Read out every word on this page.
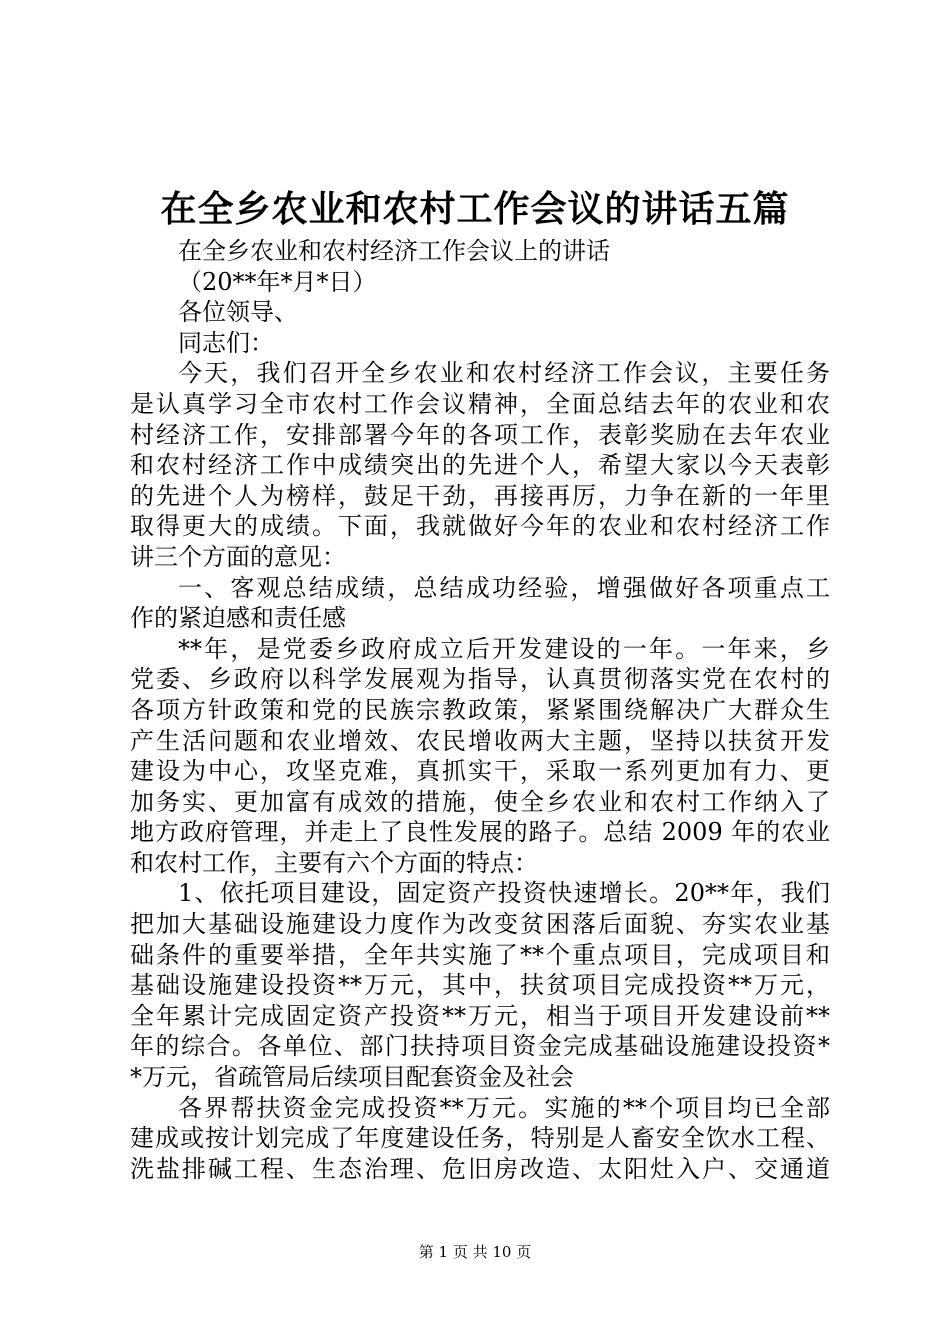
在全乡农业和农村工作会议的讲话五篇
在全乡农业和农村经济工作会议上的讲话
（20**年*月*日）
各位领导、
同志们：
今天，我们召开全乡农业和农村经济工作会议，主要任务
是认真学习全市农村工作会议精神，全面总结去年的农业和农
村经济工作，安排部署今年的各项工作，表彰奖励在去年农业
和农村经济工作中成绩突出的先进个人，希望大家以今天表彰
的先进个人为榜样，鼓足干劲，再接再厉，力争在新的一年里
取得更大的成绩。下面，我就做好今年的农业和农村经济工作
讲三个方面的意见：
一、客观总结成绩，总结成功经验，增强做好各项重点工
作的紧迫感和责任感
**年，是党委乡政府成立后开发建设的一年。一年来，乡
党委、乡政府以科学发展观为指导，认真贯彻落实党在农村的
各项方针政策和党的民族宗教政策，紧紧围绕解决广大群众生
产生活问题和农业增效、农民增收两大主题，坚持以扶贫开发
建设为中心，攻坚克难，真抓实干，采取一系列更加有力、更
加务实、更加富有成效的措施，使全乡农业和农村工作纳入了
地方政府管理，并走上了良性发展的路子。总结 2009 年的农业
和农村工作，主要有六个方面的特点：
1、依托项目建设，固定资产投资快速增长。20**年，我们
把加大基础设施建设力度作为改变贫困落后面貌、夯实农业基
础条件的重要举措，全年共实施了**个重点项目，完成项目和
基础设施建设投资**万元，其中，扶贫项目完成投资**万元，
全年累计完成固定资产投资**万元，相当于项目开发建设前**
年的综合。各单位、部门扶持项目资金完成基础设施建设投资*
*万元，省疏管局后续项目配套资金及社会
各界帮扶资金完成投资**万元。实施的**个项目均已全部
建成或按计划完成了年度建设任务，特别是人畜安全饮水工程、
洗盐排碱工程、生态治理、危旧房改造、太阳灶入户、交通道
第 1 页 共 10 页
